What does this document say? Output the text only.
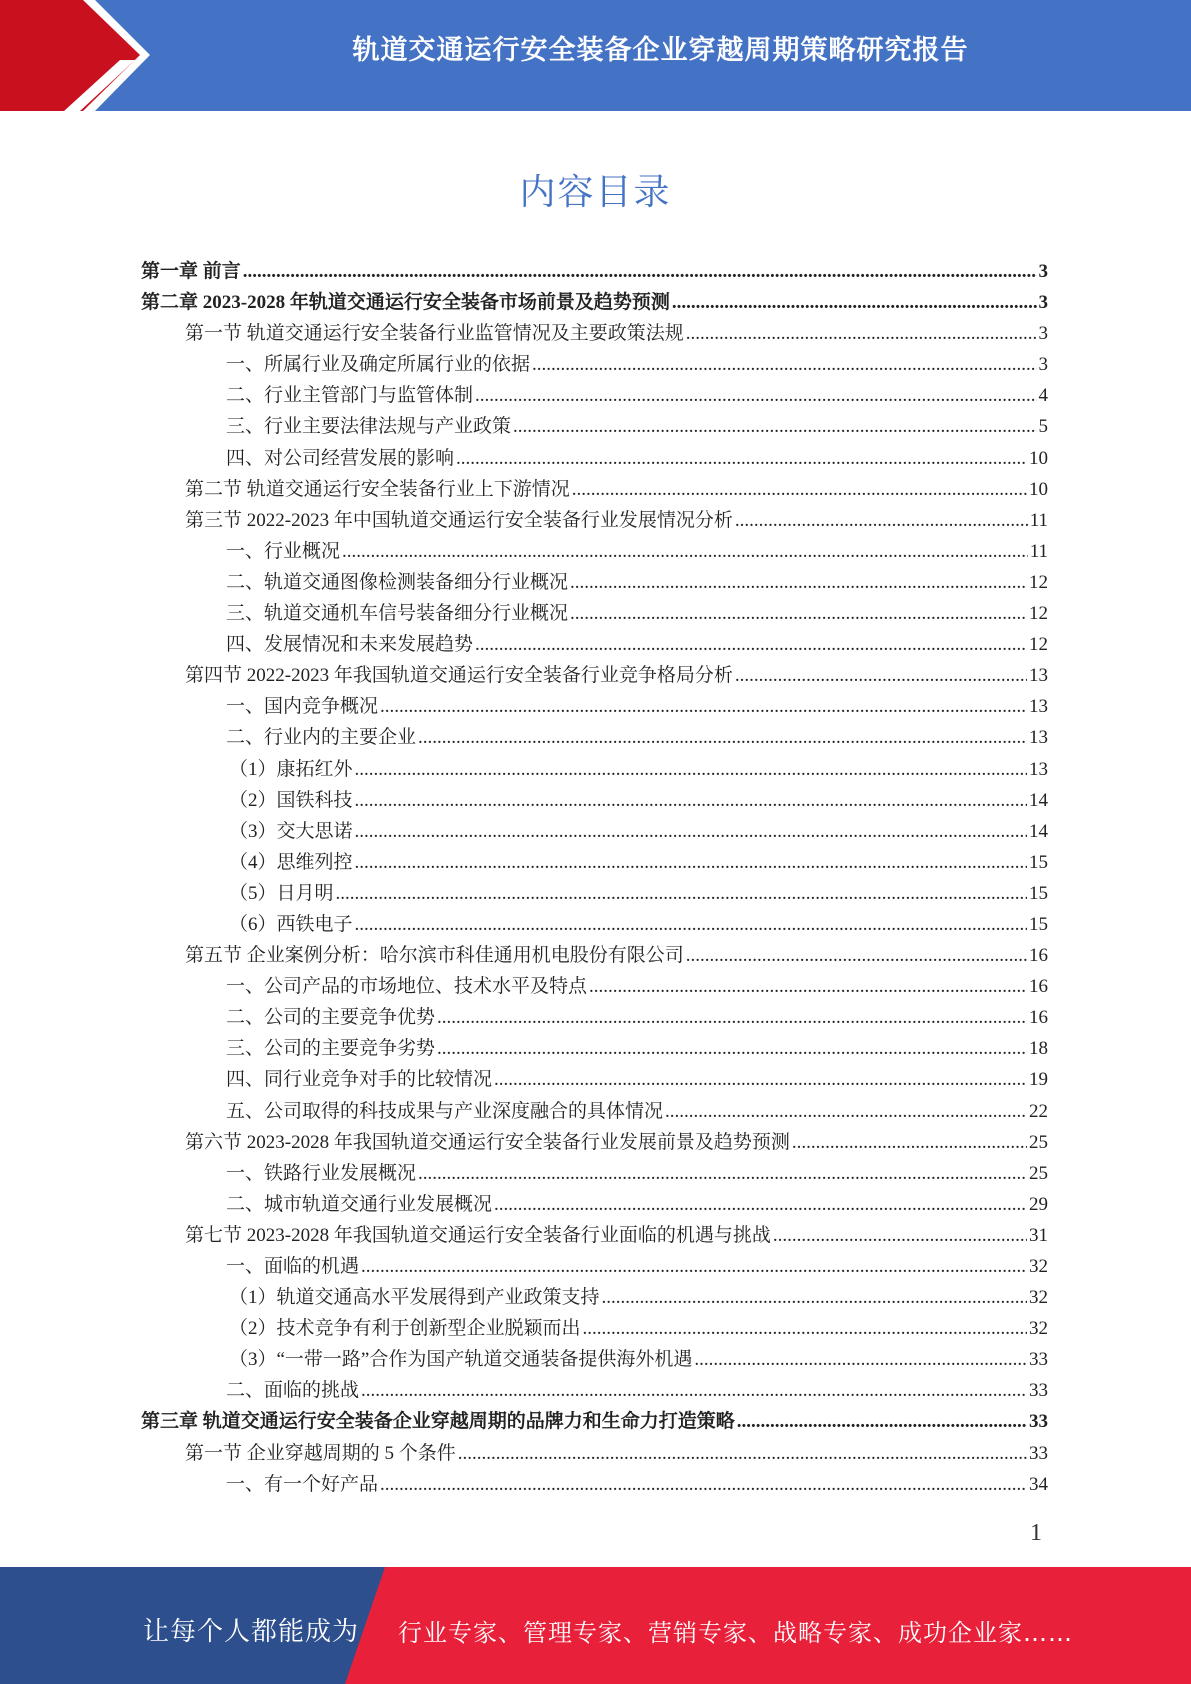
轨道交通运行安全装备企业穿越周期策略研究报告
内容目录
第一章 前言 .....	3
第二章 2023-2028 年轨道交通运行安全装备市场前景及趋势预测 .....	3
第一节 轨道交通运行安全装备行业监管情况及主要政策法规 .....	3
一、所属行业及确定所属行业的依据 .....	3
二、行业主管部门与监管体制 .....	4
三、行业主要法律法规与产业政策 .....	5
四、对公司经营发展的影响 .....	10
第二节 轨道交通运行安全装备行业上下游情况 .....	10
第三节 2022-2023 年中国轨道交通运行安全装备行业发展情况分析 .....	11
一、行业概况 .....	11
二、轨道交通图像检测装备细分行业概况 .....	12
三、轨道交通机车信号装备细分行业概况 .....	12
四、发展情况和未来发展趋势 .....	12
第四节 2022-2023 年我国轨道交通运行安全装备行业竞争格局分析 .....	13
一、国内竞争概况 .....	13
二、行业内的主要企业 .....	13
（1）康拓红外 .....	13
（2）国铁科技 .....	14
（3）交大思诺 .....	14
（4）思维列控 .....	15
（5）日月明 .....	15
（6）西铁电子 .....	15
第五节 企业案例分析：哈尔滨市科佳通用机电股份有限公司 .....	16
一、公司产品的市场地位、技术水平及特点 .....	16
二、公司的主要竞争优势 .....	16
三、公司的主要竞争劣势 .....	18
四、同行业竞争对手的比较情况 .....	19
五、公司取得的科技成果与产业深度融合的具体情况 .....	22
第六节 2023-2028 年我国轨道交通运行安全装备行业发展前景及趋势预测 .....	25
一、铁路行业发展概况 .....	25
二、城市轨道交通行业发展概况 .....	29
第七节 2023-2028 年我国轨道交通运行安全装备行业面临的机遇与挑战 .....	31
一、面临的机遇 .....	32
（1）轨道交通高水平发展得到产业政策支持 .....	32
（2）技术竞争有利于创新型企业脱颖而出 .....	32
（3）“一带一路”合作为国产轨道交通装备提供海外机遇 .....	33
二、面临的挑战 .....	33
第三章 轨道交通运行安全装备企业穿越周期的品牌力和生命力打造策略 .....	33
第一节 企业穿越周期的 5 个条件 .....	33
一、有一个好产品 .....	34
1
让每个人都能成为 行业专家、管理专家、营销专家、战略专家、成功企业家……
